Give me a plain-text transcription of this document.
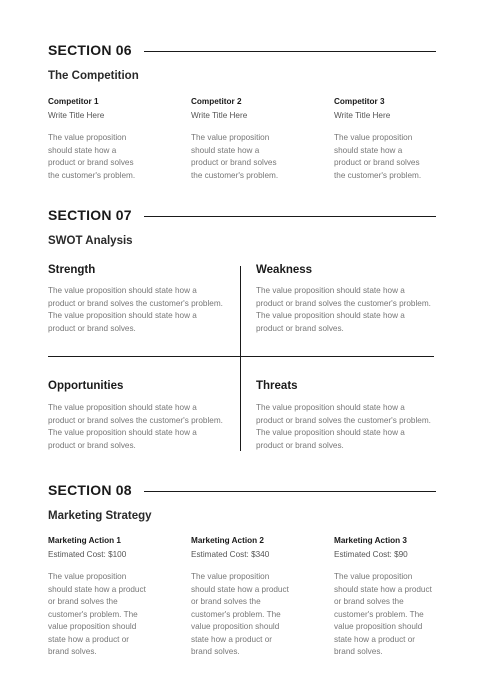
SECTION 06
The Competition
Competitor 1
Write Title Here
The value proposition should state how a product or brand solves the customer's problem.
Competitor 2
Write Title Here
The value proposition should state how a product or brand solves the customer's problem.
Competitor 3
Write Title Here
The value proposition should state how a product or brand solves the customer's problem.
SECTION 07
SWOT Analysis
Strength
The value proposition should state how a product or brand solves the customer's problem. The value proposition should state how a product or brand solves.
Weakness
The value proposition should state how a product or brand solves the customer's problem. The value proposition should state how a product or brand solves.
Opportunities
The value proposition should state how a product or brand solves the customer's problem. The value proposition should state how a product or brand solves.
Threats
The value proposition should state how a product or brand solves the customer's problem. The value proposition should state how a product or brand solves.
SECTION 08
Marketing Strategy
Marketing Action 1
Estimated Cost: $100
The value proposition should state how a product or brand solves the customer's problem. The value proposition should state how a product or brand solves.
Marketing Action 2
Estimated Cost: $340
The value proposition should state how a product or brand solves the customer's problem. The value proposition should state how a product or brand solves.
Marketing Action 3
Estimated Cost: $90
The value proposition should state how a product or brand solves the customer's problem. The value proposition should state how a product or brand solves.
